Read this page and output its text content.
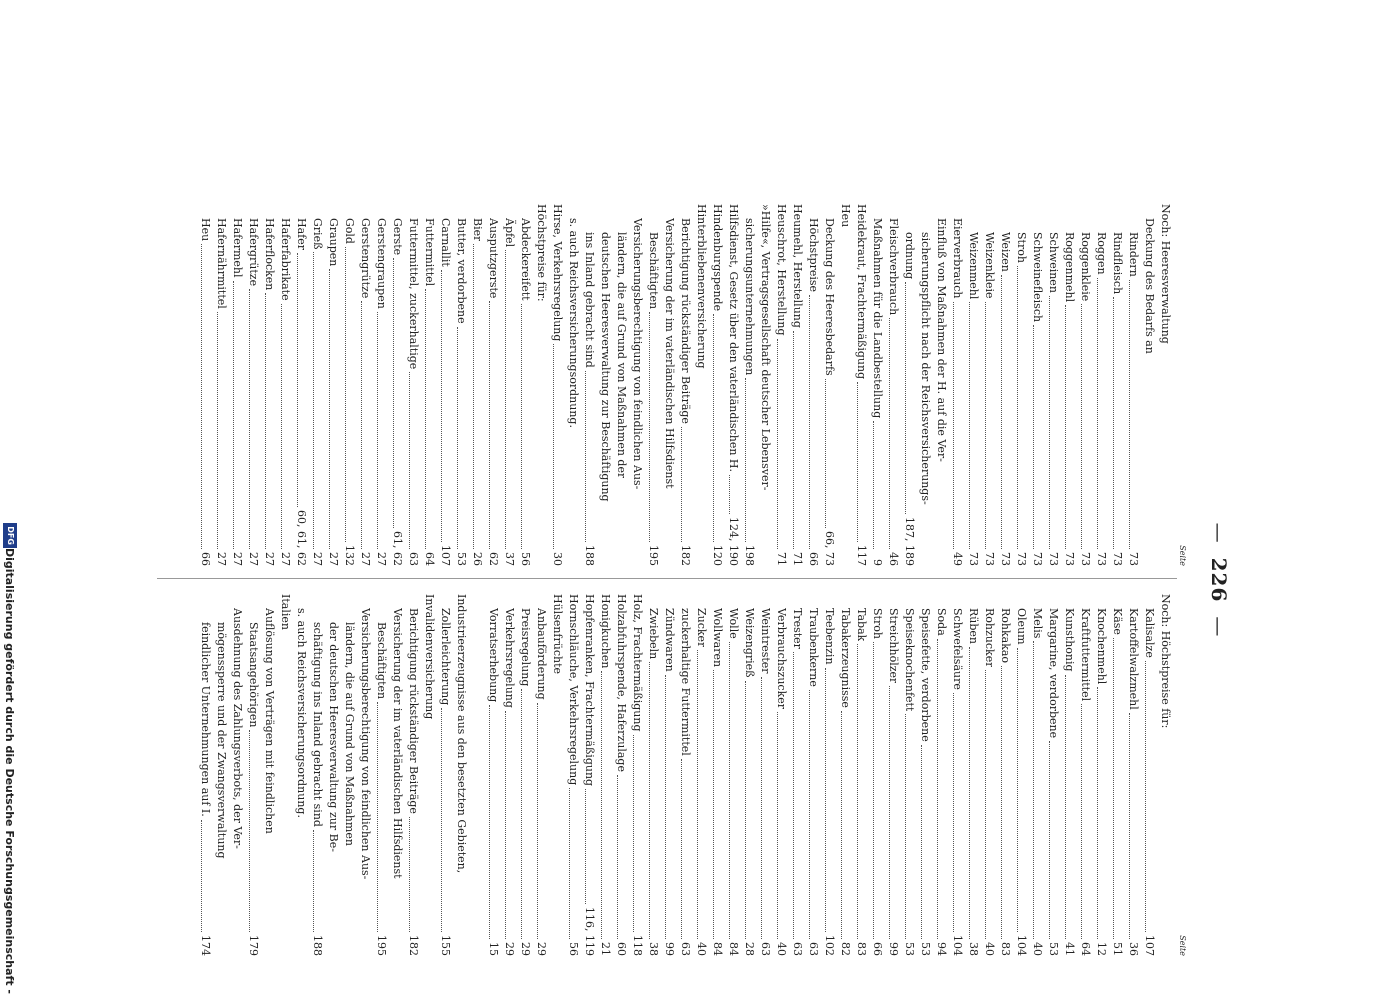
Digitalisierung gefördert durch die Deutsche Forschungsgemeinschaft -
DFG
— 226 —
Seite
Noch: Heeresverwaltung
Deckung des Bedarfs an
Rindern
73
Rindfleisch
73
Roggen
73
Roggenkleie
73
Roggenmehl
73
Schweinen
73
Schweinefleisch
73
Stroh
73
Weizen
73
Weizenkleie
73
Weizenmehl
73
Eierverbrauch
49
Einfluß von Maßnahmen der H. auf die Ver-
sicherungspflicht nach der Reichsversicherungs-
ordnung
187, 189
Fleischverbrauch
46
Maßnahmen für die Landbestellung
9
Heidekraut, Frachtermäßigung
117
Heu
Deckung des Heeresbedarfs
66, 73
Höchstpreise
66
Heumehl, Herstellung
71
Heuschrot, Herstellung
71
»Hilfe«, Vertragsgesellschaft deutscher Lebensver-
sicherungsunternehmungen
198
Hilfsdienst, Gesetz über den vaterländischen H.
124, 190
Hindenburgspende
120
Hinterbliebenenversicherung
Berichtigung rückständiger Beiträge
182
Versicherung der im vaterländischen Hilfsdienst
Beschäftigten
195
Versicherungsberechtigung von feindlichen Aus-
ländern, die auf Grund von Maßnahmen der
deutschen Heeresverwaltung zur Beschäftigung
ins Inland gebracht sind
188
s. auch Reichsversicherungsordnung.
Hirse, Verkehrsregelung
30
Höchstpreise für:
Abdeckereifett
56
Äpfel
37
Ausputzgerste
62
Bier
26
Butter, verdorbene
53
Carnallit
107
Futtermittel
64
Futtermittel, zuckerhaltige
63
Gerste
61, 62
Gerstengraupen
27
Gerstengrütze
27
Gold
132
Graupen
27
Grieß
27
Hafer
60, 61, 62
Haferfabrikate
27
Haferflocken
27
Hafergrütze
27
Hafermehl
27
Hafernährmittel
27
Heu
66
Seite
Noch: Höchstpreise für:
Kalisalze
107
Kartoffelwalzmehl
36
Käse
51
Knochenmehl
12
Kraftfuttermittel
64
Kunsthonig
41
Margarine, verdorbene
53
Melis
40
Oleum
104
Rohkakao
83
Rohzucker
40
Rüben
38
Schwefelsäure
104
Soda
94
Speisefette, verdorbene
53
Speiseknochenfett
53
Streichhölzer
99
Stroh
66
Tabak
83
Tabakerzeugnisse
82
Teebenzin
102
Traubenkerne
63
Trester
63
Verbrauchszucker
40
Weintrester
63
Weizengrieß
28
Wolle
84
Wollwaren
84
Zucker
40
zuckerhaltige Futtermittel
63
Zündwaren
99
Zwiebeln
38
Holz, Frachtermäßigung
118
Holzabfuhrspende, Haferzulage
60
Honigkuchen
21
Hopfenranken, Frachtermäßigung
116, 119
Hornschläuche, Verkehrsregelung
56
Hülsenfrüchte
Anbauförderung
29
Preisregelung
29
Verkehrsregelung
29
Vorratserhebung
15
Industrieerzeugnisse aus den besetzten Gebieten,
Zollerleichterung
155
Invalidenversicherung
Berichtigung rückständiger Beiträge
182
Versicherung der im vaterländischen Hilfsdienst
Beschäftigten
195
Versicherungsberechtigung von feindlichen Aus-
ländern, die auf Grund von Maßnahmen
der deutschen Heeresverwaltung zur Be-
schäftigung ins Inland gebracht sind
188
s. auch Reichsversicherungsordnung.
Italien
Auflösung von Verträgen mit feindlichen
Staatsangehörigen
179
Ausdehnung des Zahlungsverbots, der Ver-
mögenssperre und der Zwangsverwaltung
feindlicher Unternehmungen auf I.
174
